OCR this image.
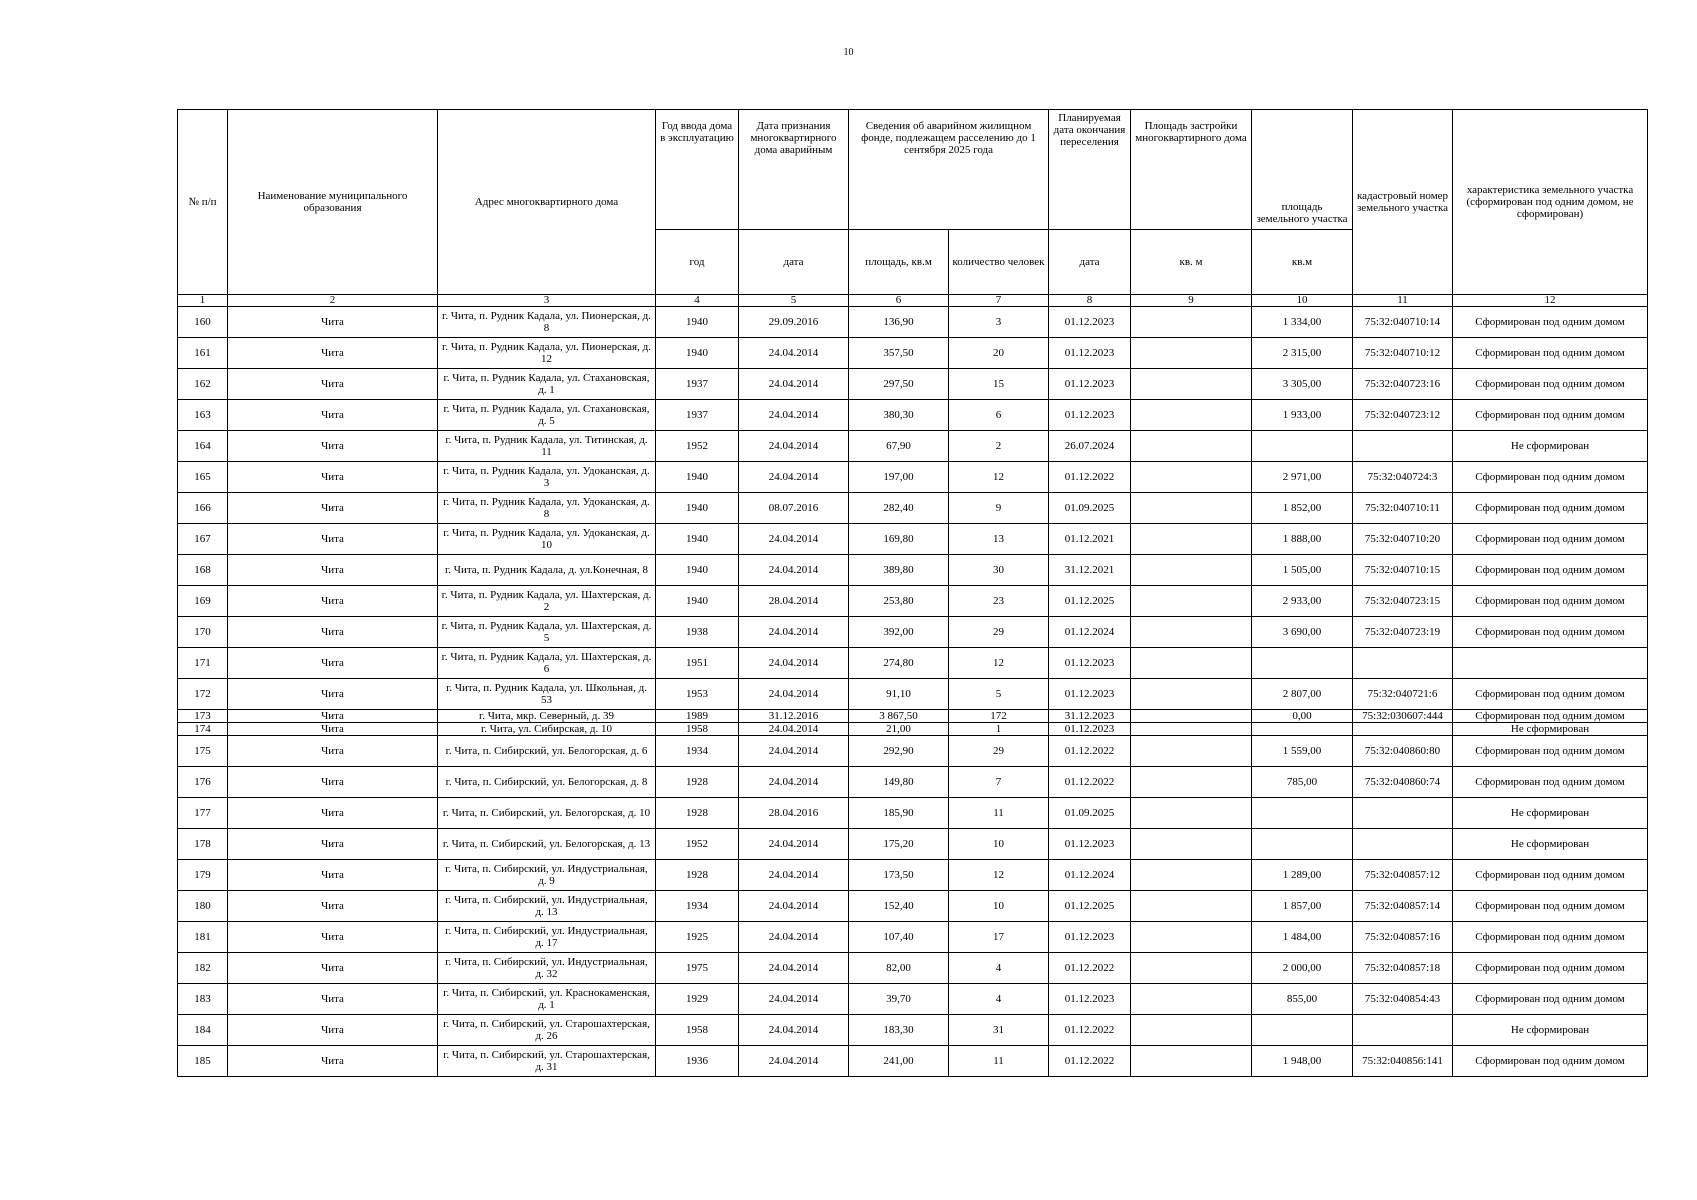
10
№ п/п	Наименование муниципального образования	Адрес многоквартирного дома	Год ввода дома в эксплуатацию	Дата признания многоквартирного дома аварийным	Сведения об аварийном жилищном фонде, подлежащем расселению до 1 сентября 2025 года		Планируемая дата окончания переселения	Площадь застройки многоквартирного дома	площадь земельного участка	кадастровый номер земельного участка	характеристика земельного участка (сформирован под одним домом, не сформирован)
			год	дата	площадь, кв.м	количество человек	дата	кв. м	кв.м		
1	2	3	4	5	6	7	8	9	10	11	12
160	Чита	г. Чита, п. Рудник Кадала, ул. Пионерская, д. 8	1940	29.09.2016	136,90	3	01.12.2023		1 334,00	75:32:040710:14	Сформирован под одним домом
161	Чита	г. Чита, п. Рудник Кадала, ул. Пионерская, д. 12	1940	24.04.2014	357,50	20	01.12.2023		2 315,00	75:32:040710:12	Сформирован под одним домом
162	Чита	г. Чита, п. Рудник Кадала, ул. Стахановская, д. 1	1937	24.04.2014	297,50	15	01.12.2023		3 305,00	75:32:040723:16	Сформирован под одним домом
163	Чита	г. Чита, п. Рудник Кадала, ул. Стахановская, д. 5	1937	24.04.2014	380,30	6	01.12.2023		1 933,00	75:32:040723:12	Сформирован под одним домом
164	Чита	г. Чита, п. Рудник Кадала, ул. Титинская, д. 11	1952	24.04.2014	67,90	2	26.07.2024				Не сформирован
165	Чита	г. Чита, п. Рудник Кадала, ул. Удоканская, д. 3	1940	24.04.2014	197,00	12	01.12.2022		2 971,00	75:32:040724:3	Сформирован под одним домом
166	Чита	г. Чита, п. Рудник Кадала, ул. Удоканская, д. 8	1940	08.07.2016	282,40	9	01.09.2025		1 852,00	75:32:040710:11	Сформирован под одним домом
167	Чита	г. Чита, п. Рудник Кадала, ул. Удоканская, д. 10	1940	24.04.2014	169,80	13	01.12.2021		1 888,00	75:32:040710:20	Сформирован под одним домом
168	Чита	г. Чита, п. Рудник Кадала, д. ул.Конечная, 8	1940	24.04.2014	389,80	30	31.12.2021		1 505,00	75:32:040710:15	Сформирован под одним домом
169	Чита	г. Чита, п. Рудник Кадала, ул. Шахтерская, д. 2	1940	28.04.2014	253,80	23	01.12.2025		2 933,00	75:32:040723:15	Сформирован под одним домом
170	Чита	г. Чита, п. Рудник Кадала, ул. Шахтерская, д. 5	1938	24.04.2014	392,00	29	01.12.2024		3 690,00	75:32:040723:19	Сформирован под одним домом
171	Чита	г. Чита, п. Рудник Кадала, ул. Шахтерская, д. 6	1951	24.04.2014	274,80	12	01.12.2023				
172	Чита	г. Чита, п. Рудник Кадала, ул. Школьная, д. 53	1953	24.04.2014	91,10	5	01.12.2023		2 807,00	75:32:040721:6	Сформирован под одним домом
173	Чита	г. Чита, мкр. Северный, д. 39	1989	31.12.2016	3 867,50	172	31.12.2023		0,00	75:32:030607:444	Сформирован под одним домом
174	Чита	г. Чита, ул. Сибирская, д. 10	1958	24.04.2014	21,00	1	01.12.2023				Не сформирован
175	Чита	г. Чита, п. Сибирский, ул. Белогорская, д. 6	1934	24.04.2014	292,90	29	01.12.2022		1 559,00	75:32:040860:80	Сформирован под одним домом
176	Чита	г. Чита, п. Сибирский, ул. Белогорская, д. 8	1928	24.04.2014	149,80	7	01.12.2022		785,00	75:32:040860:74	Сформирован под одним домом
177	Чита	г. Чита, п. Сибирский, ул. Белогорская, д. 10	1928	28.04.2016	185,90	11	01.09.2025				Не сформирован
178	Чита	г. Чита, п. Сибирский, ул. Белогорская, д. 13	1952	24.04.2014	175,20	10	01.12.2023				Не сформирован
179	Чита	г. Чита, п. Сибирский, ул. Индустриальная, д. 9	1928	24.04.2014	173,50	12	01.12.2024		1 289,00	75:32:040857:12	Сформирован под одним домом
180	Чита	г. Чита, п. Сибирский, ул. Индустриальная, д. 13	1934	24.04.2014	152,40	10	01.12.2025		1 857,00	75:32:040857:14	Сформирован под одним домом
181	Чита	г. Чита, п. Сибирский, ул. Индустриальная, д. 17	1925	24.04.2014	107,40	17	01.12.2023		1 484,00	75:32:040857:16	Сформирован под одним домом
182	Чита	г. Чита, п. Сибирский, ул. Индустриальная, д. 32	1975	24.04.2014	82,00	4	01.12.2022		2 000,00	75:32:040857:18	Сформирован под одним домом
183	Чита	г. Чита, п. Сибирский, ул. Краснокаменская, д. 1	1929	24.04.2014	39,70	4	01.12.2023		855,00	75:32:040854:43	Сформирован под одним домом
184	Чита	г. Чита, п. Сибирский, ул. Старошахтерская, д. 26	1958	24.04.2014	183,30	31	01.12.2022				Не сформирован
185	Чита	г. Чита, п. Сибирский, ул. Старошахтерская, д. 31	1936	24.04.2014	241,00	11	01.12.2022		1 948,00	75:32:040856:141	Сформирован под одним домом
